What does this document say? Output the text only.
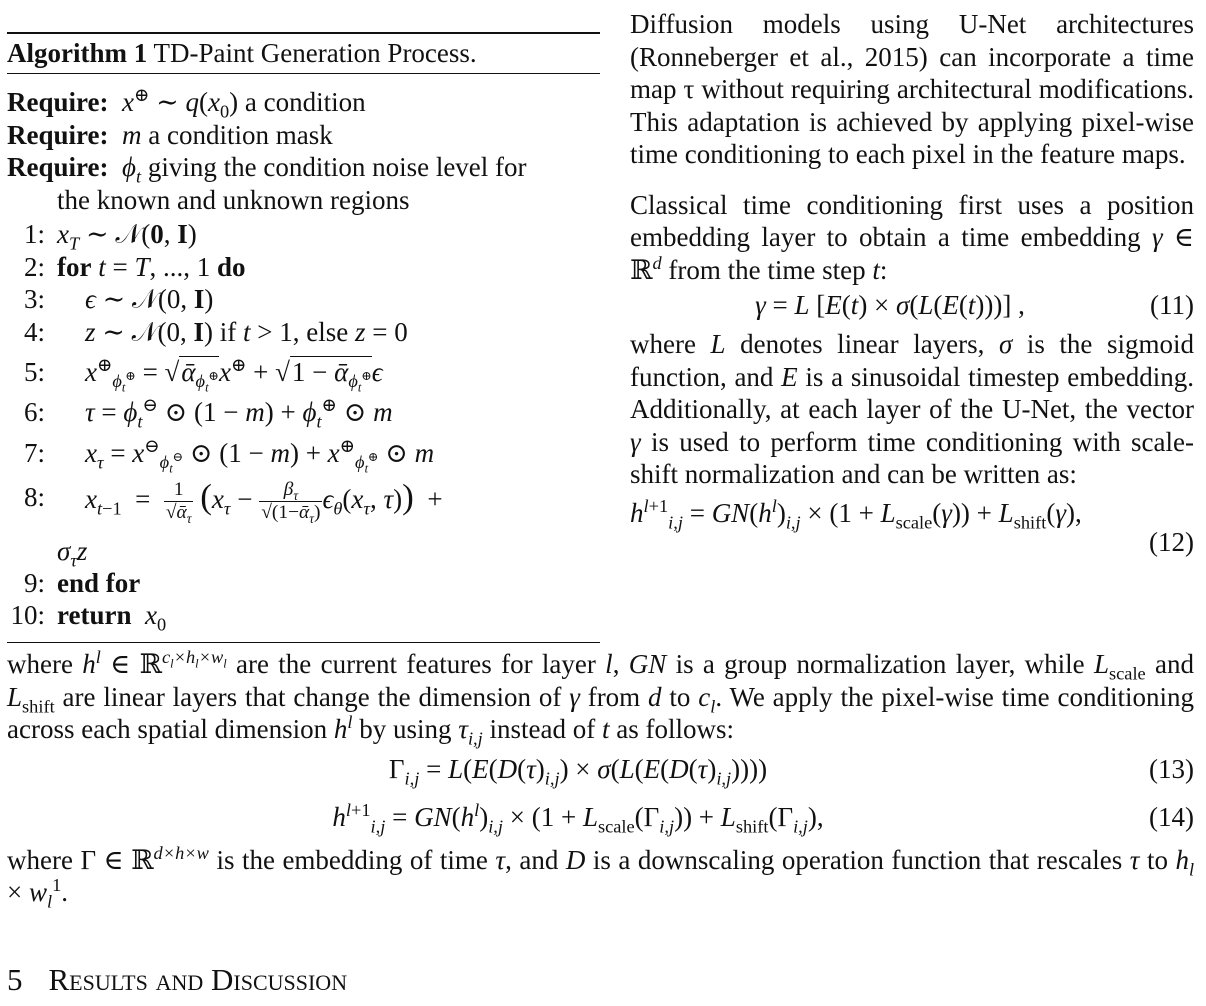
Algorithm 1 TD-Paint Generation Process.
Require: x⊕ ∼ $q(x_0)$ a condition
Require: m a condition mask
Require: $\phi_t$ giving the condition noise level for
the known and unknown regions
1: $x_T$ ∼ 𝒩(0, I)
2: for t = T, ..., 1 do
3:	ϵ ∼ 𝒩(0, I)
4:	z ∼ 𝒩(0, I) if t > 1, else z = 0
5:	$x^\oplus_{\phi_t^\oplus}$ = √ᾱ$_{\phi_t^\oplus}$x⊕ + √1 − ᾱ$_{\phi_t^\oplus}$ϵ
6:	$\tau = \phi_t^⊖$ ⊙ $(1 - m) + \phi_t^\oplus$ ⊙ m
7:	$x_\tau = x^⊖_{\phi_t^⊖}$ ⊙ $(1 - m) + x^\oplus_{\phi_t^\oplus}$ ⊙ m
8:	$x_{t-1} = \frac{1}{√ᾱ_\tau} (x_\tau - \frac{\beta_\tau}{√(1-ᾱ_\tau)} \epsilon_\theta(x_\tau$, τ))  +
$\sigma_\tau z$
9: end for
10: return $x_0$

Diffusion models using U-Net architectures (Ronneberger et al., 2015) can incorporate a time map τ without requiring architectural modifications. This adaptation is achieved by applying pixel-wise time conditioning to each pixel in the feature maps.

Classical time conditioning first uses a position embedding layer to obtain a time embedding γ ∈ ℝ$^d$ from the time step t:

γ = L [E(t) × σ(L(E(t)))] ,	(11)

where L denotes linear layers, σ is the sigmoid function, and E is a sinusoidal timestep embedding. Additionally, at each layer of the U-Net, the vector γ is used to perform time conditioning with scale-shift normalization and can be written as:

$h^{l+1}_{i,j} = GN(h^l)_{i,j} \times (1 + L_{scale}(\gamma)) + L_{shift}(\gamma)$,
(12)

where $h^l$ ∈ ℝ$^{c_l\times h_l\times w_l}$ are the current features for layer l, GN is a group normalization layer, while $L_{scale}$ and $L_{shift}$ are linear layers that change the dimension of γ from d to $c_l$. We apply the pixel-wise time conditioning across each spatial dimension $h^l$ by using $\tau_{i,j}$ instead of t as follows:

$\Gamma_{i,j} = L(E(D(\tau)_{i,j}) \times \sigma(L(E(D(\tau)_{i,j}))))$	(13)
$h^{l+1}_{i,j} = GN(h^l)_{i,j} \times (1 + L_{scale}(\Gamma_{i,j})) + L_{shift}(\Gamma_{i,j})$,	(14)

where Γ ∈ ℝ$^{d\times h\times w}$ is the embedding of time τ, and D is a downscaling operation function that rescales τ to $h_l \times w_l^1$.

5 Results and Discussion
